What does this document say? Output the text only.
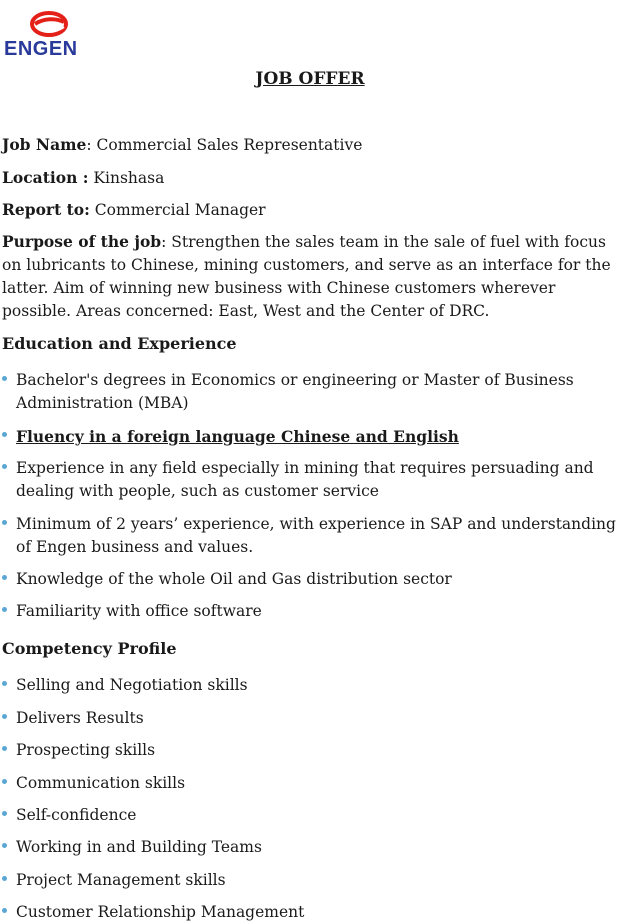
ENGEN
JOB OFFER

Job Name: Commercial Sales Representative

Location : Kinshasa

Report to: Commercial Manager

Purpose of the job: Strengthen the sales team in the sale of fuel with focus on lubricants to Chinese, mining customers, and serve as an interface for the latter. Aim of winning new business with Chinese customers wherever possible. Areas concerned: East, West and the Center of DRC.

Education and Experience
Bachelor's degrees in Economics or engineering or Master of Business Administration (MBA)
Fluency in a foreign language Chinese and English
Experience in any field especially in mining that requires persuading and dealing with people, such as customer service
Minimum of 2 years’ experience, with experience in SAP and understanding of Engen business and values.
Knowledge of the whole Oil and Gas distribution sector
Familiarity with office software
Competency Profile
Selling and Negotiation skills
Delivers Results
Prospecting skills
Communication skills
Self-confidence
Working in and Building Teams
Project Management skills
Customer Relationship Management
